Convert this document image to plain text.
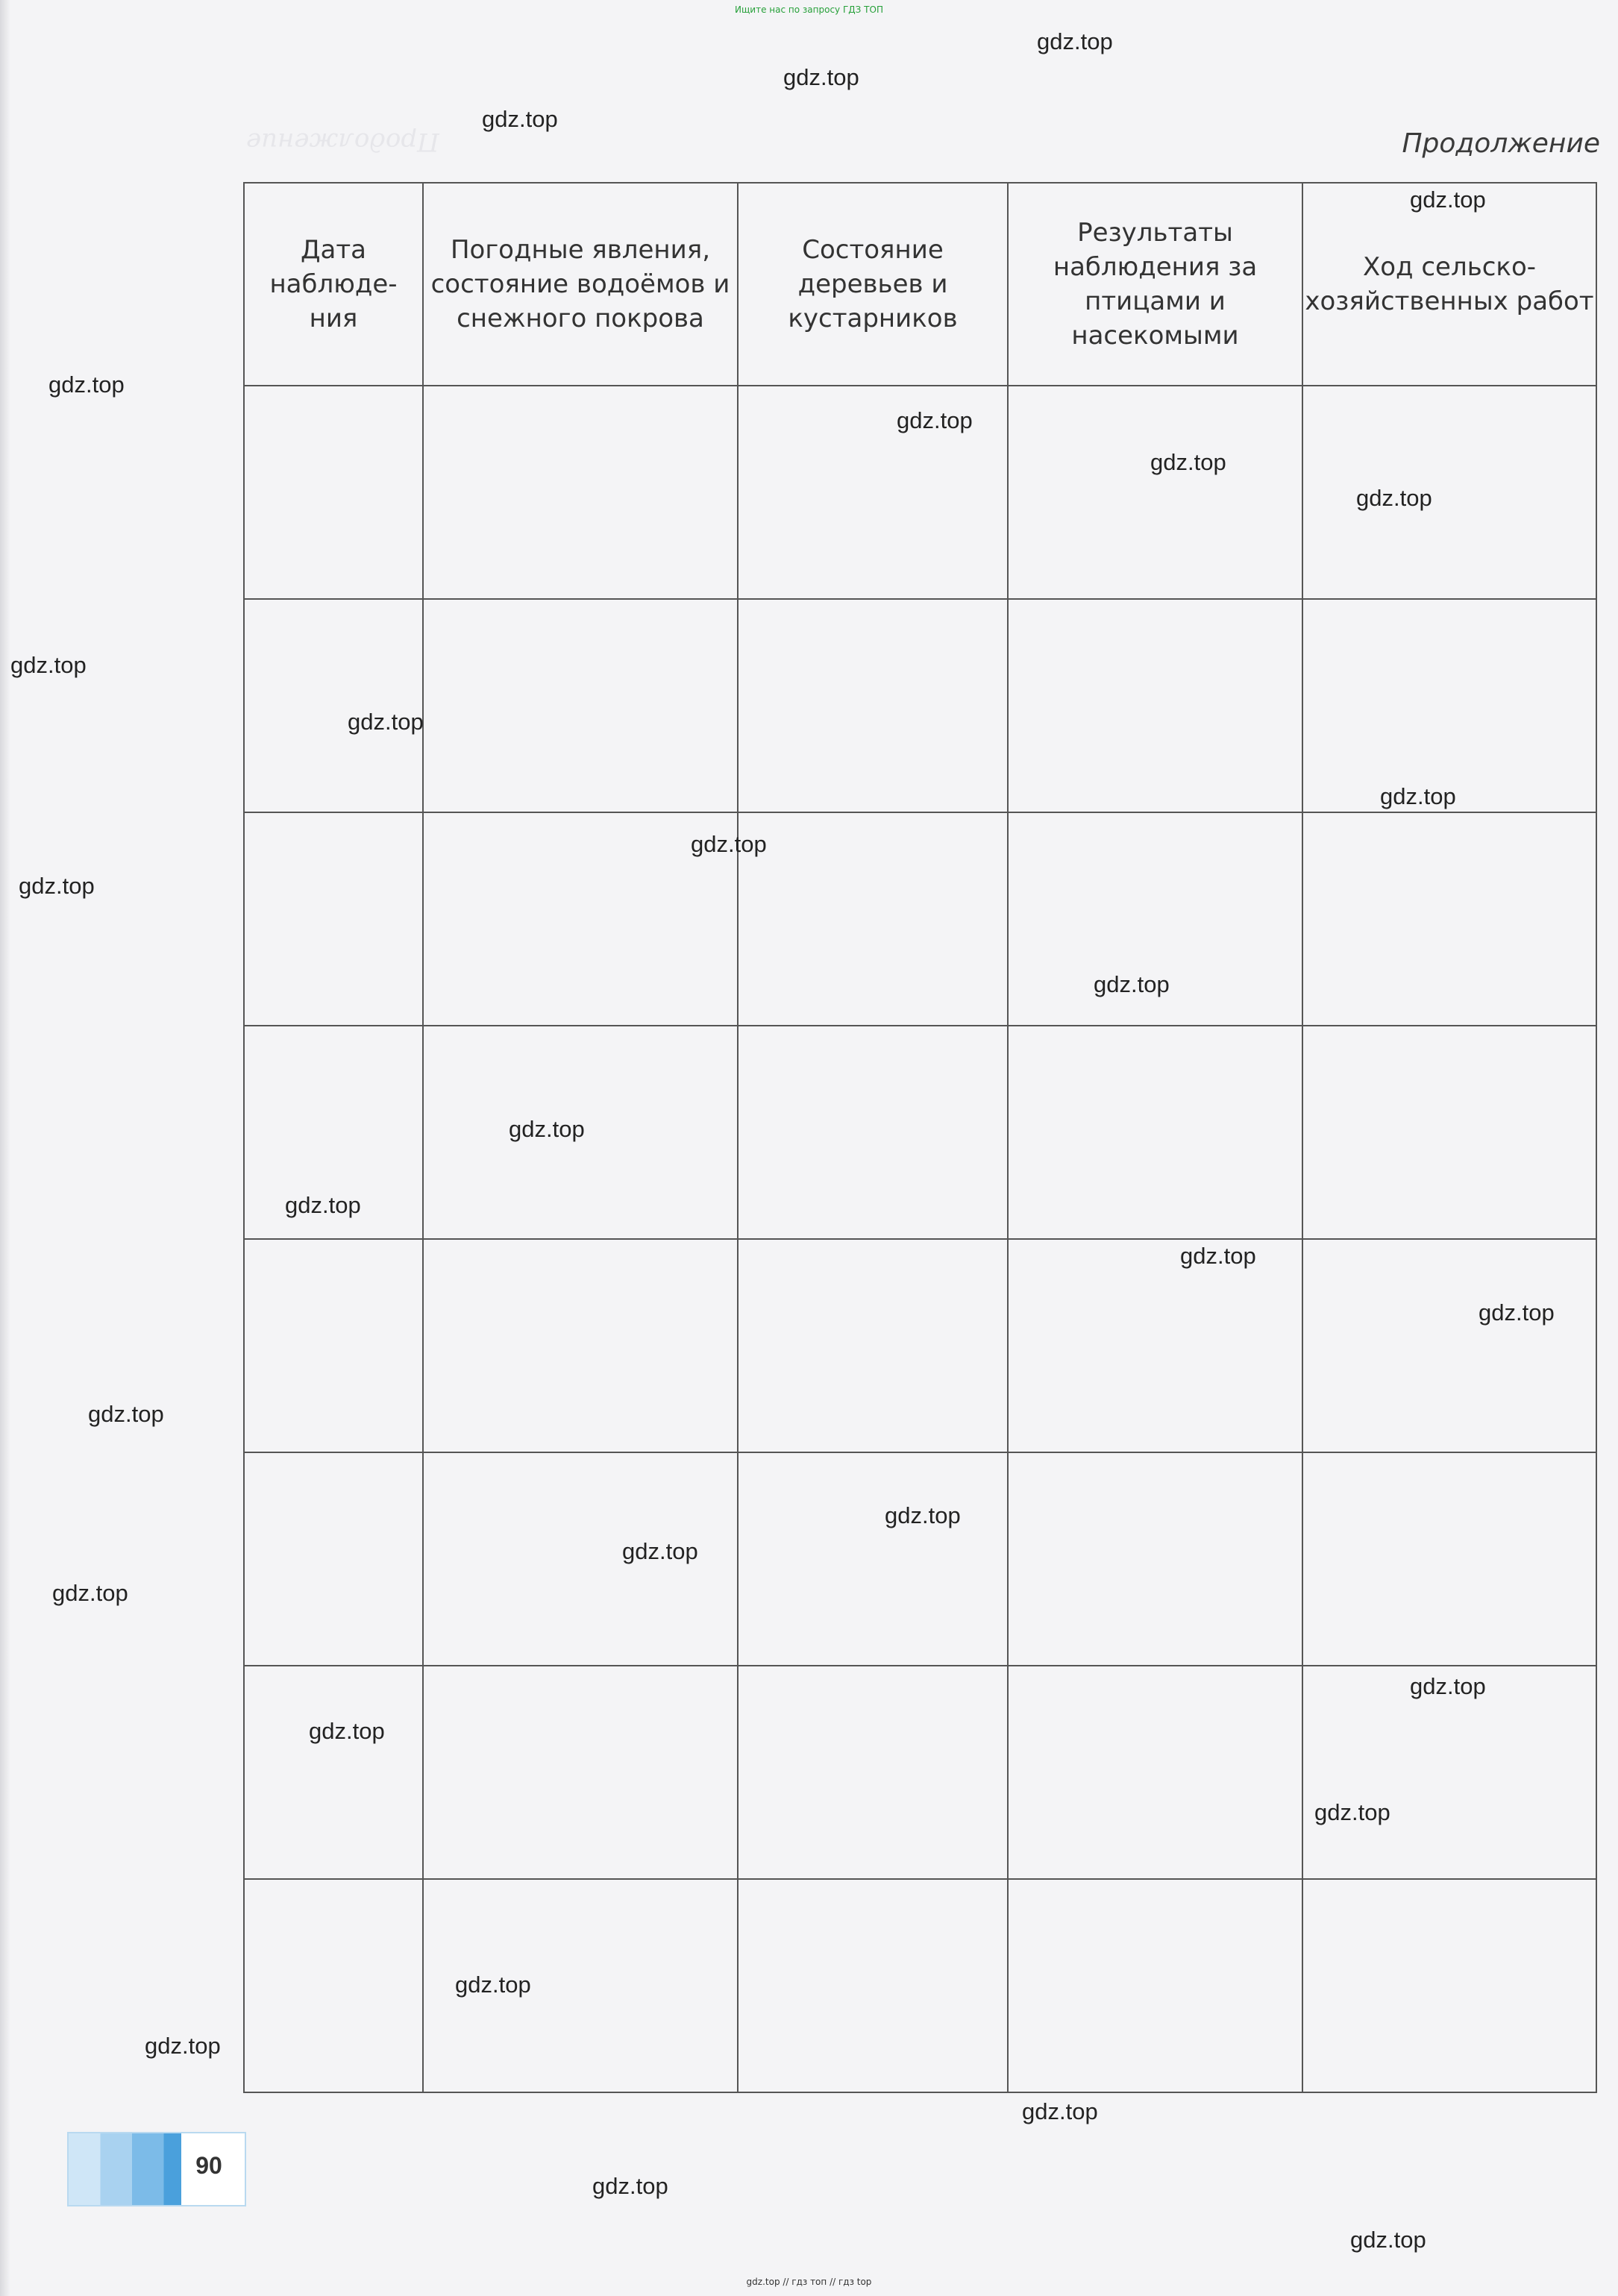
Ищите нас по запросу ГДЗ ТОП
Продолжение	Продолжение
Дата наблюде-
ния	Погодные явления, состояние водоёмов и снежного покрова	Состояние деревьев и кустарников	Результаты наблюдения за птицами и насекомыми	Ход сельско-
хозяйственных работ

gdz.top
gdz.top
gdz.top
gdz.top
gdz.top
gdz.top
gdz.top
gdz.top
gdz.top
gdz.top
gdz.top
gdz.top
gdz.top
gdz.top
gdz.top
gdz.top
gdz.top
gdz.top
gdz.top
gdz.top
gdz.top
gdz.top
gdz.top
gdz.top
gdz.top
gdz.top
gdz.top
gdz.top
gdz.top
gdz.top
90
gdz.top // гдз топ // гдз top
